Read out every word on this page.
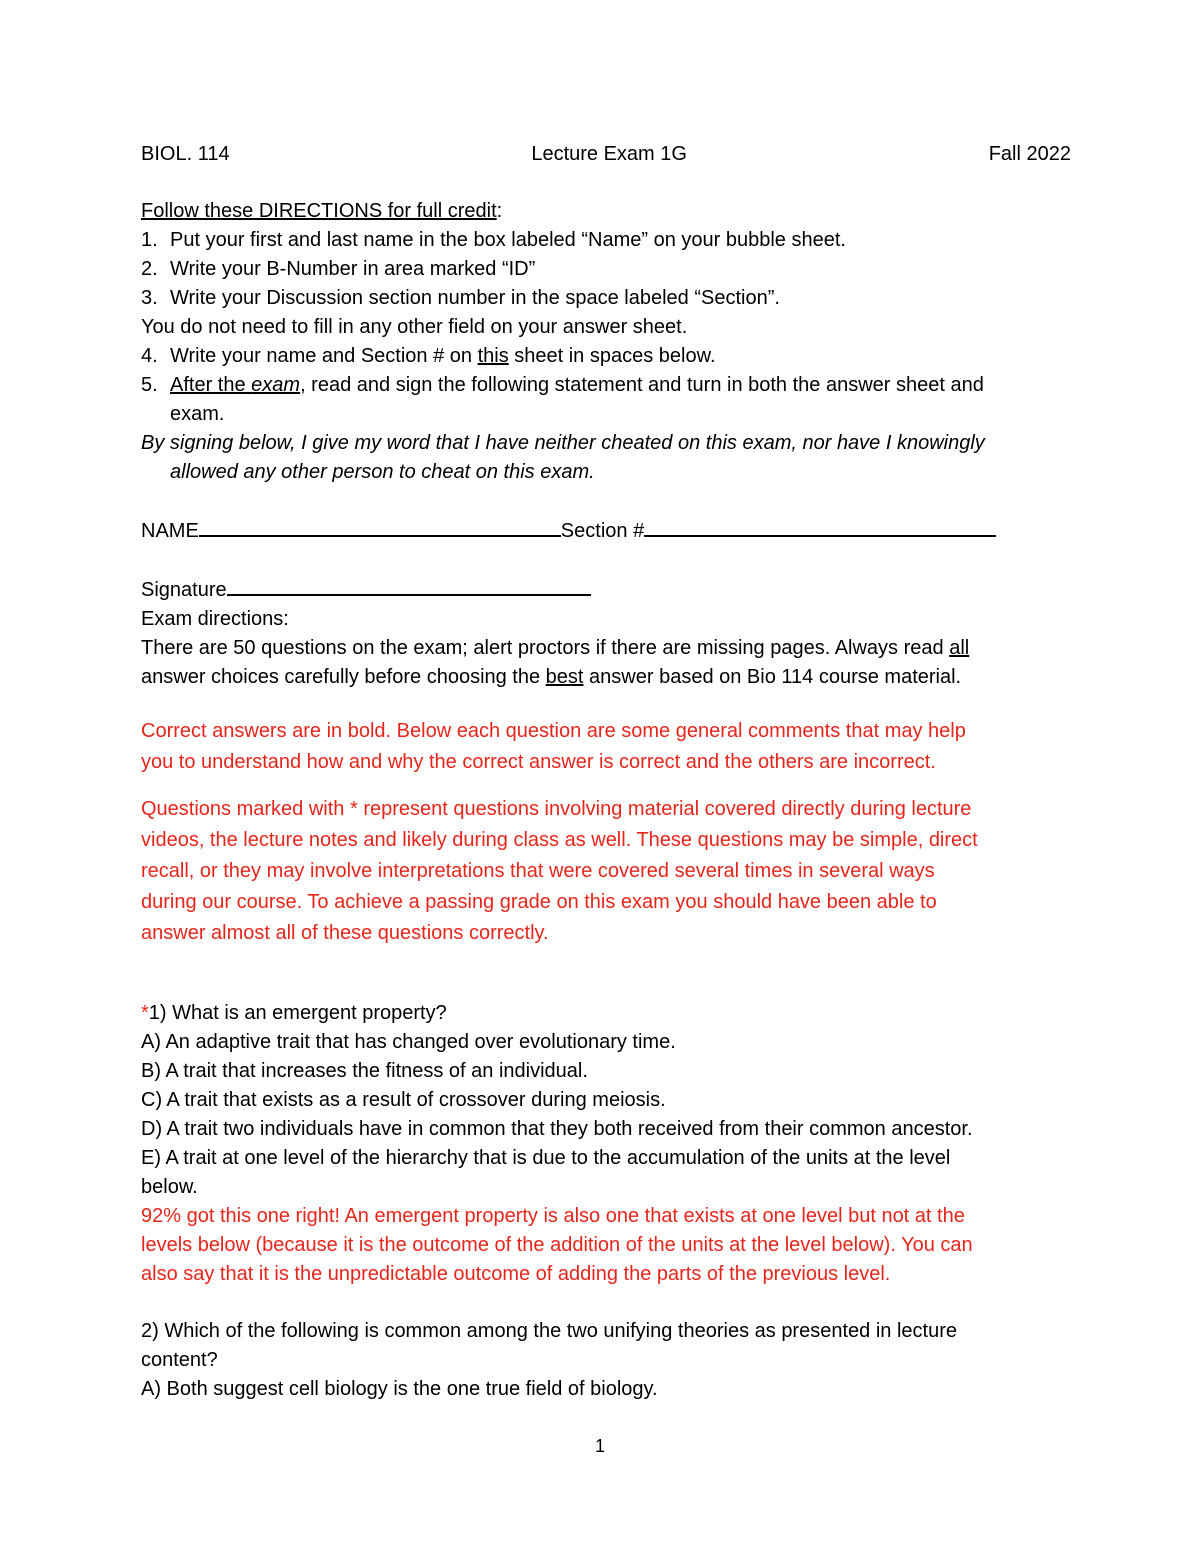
BIOL. 114	Lecture Exam 1G	Fall 2022
Follow these DIRECTIONS for full credit:
1. Put your first and last name in the box labeled “Name” on your bubble sheet.
2. Write your B-Number in area marked “ID”
3. Write your Discussion section number in the space labeled “Section”.
You do not need to fill in any other field on your answer sheet.
4. Write your name and Section # on this sheet in spaces below.
5. After the exam, read and sign the following statement and turn in both the answer sheet and
exam.
By signing below, I give my word that I have neither cheated on this exam, nor have I knowingly
allowed any other person to cheat on this exam.
NAME	Section #
Signature
Exam directions:
There are 50 questions on the exam; alert proctors if there are missing pages. Always read all
answer choices carefully before choosing the best answer based on Bio 114 course material.
Correct answers are in bold. Below each question are some general comments that may help
you to understand how and why the correct answer is correct and the others are incorrect.
Questions marked with * represent questions involving material covered directly during lecture
videos, the lecture notes and likely during class as well. These questions may be simple, direct
recall, or they may involve interpretations that were covered several times in several ways
during our course. To achieve a passing grade on this exam you should have been able to
answer almost all of these questions correctly.
*1) What is an emergent property?
A) An adaptive trait that has changed over evolutionary time.
B) A trait that increases the fitness of an individual.
C) A trait that exists as a result of crossover during meiosis.
D) A trait two individuals have in common that they both received from their common ancestor.
E) A trait at one level of the hierarchy that is due to the accumulation of the units at the level
below.
92% got this one right! An emergent property is also one that exists at one level but not at the
levels below (because it is the outcome of the addition of the units at the level below). You can
also say that it is the unpredictable outcome of adding the parts of the previous level.
2) Which of the following is common among the two unifying theories as presented in lecture
content?
A) Both suggest cell biology is the one true field of biology.
1
